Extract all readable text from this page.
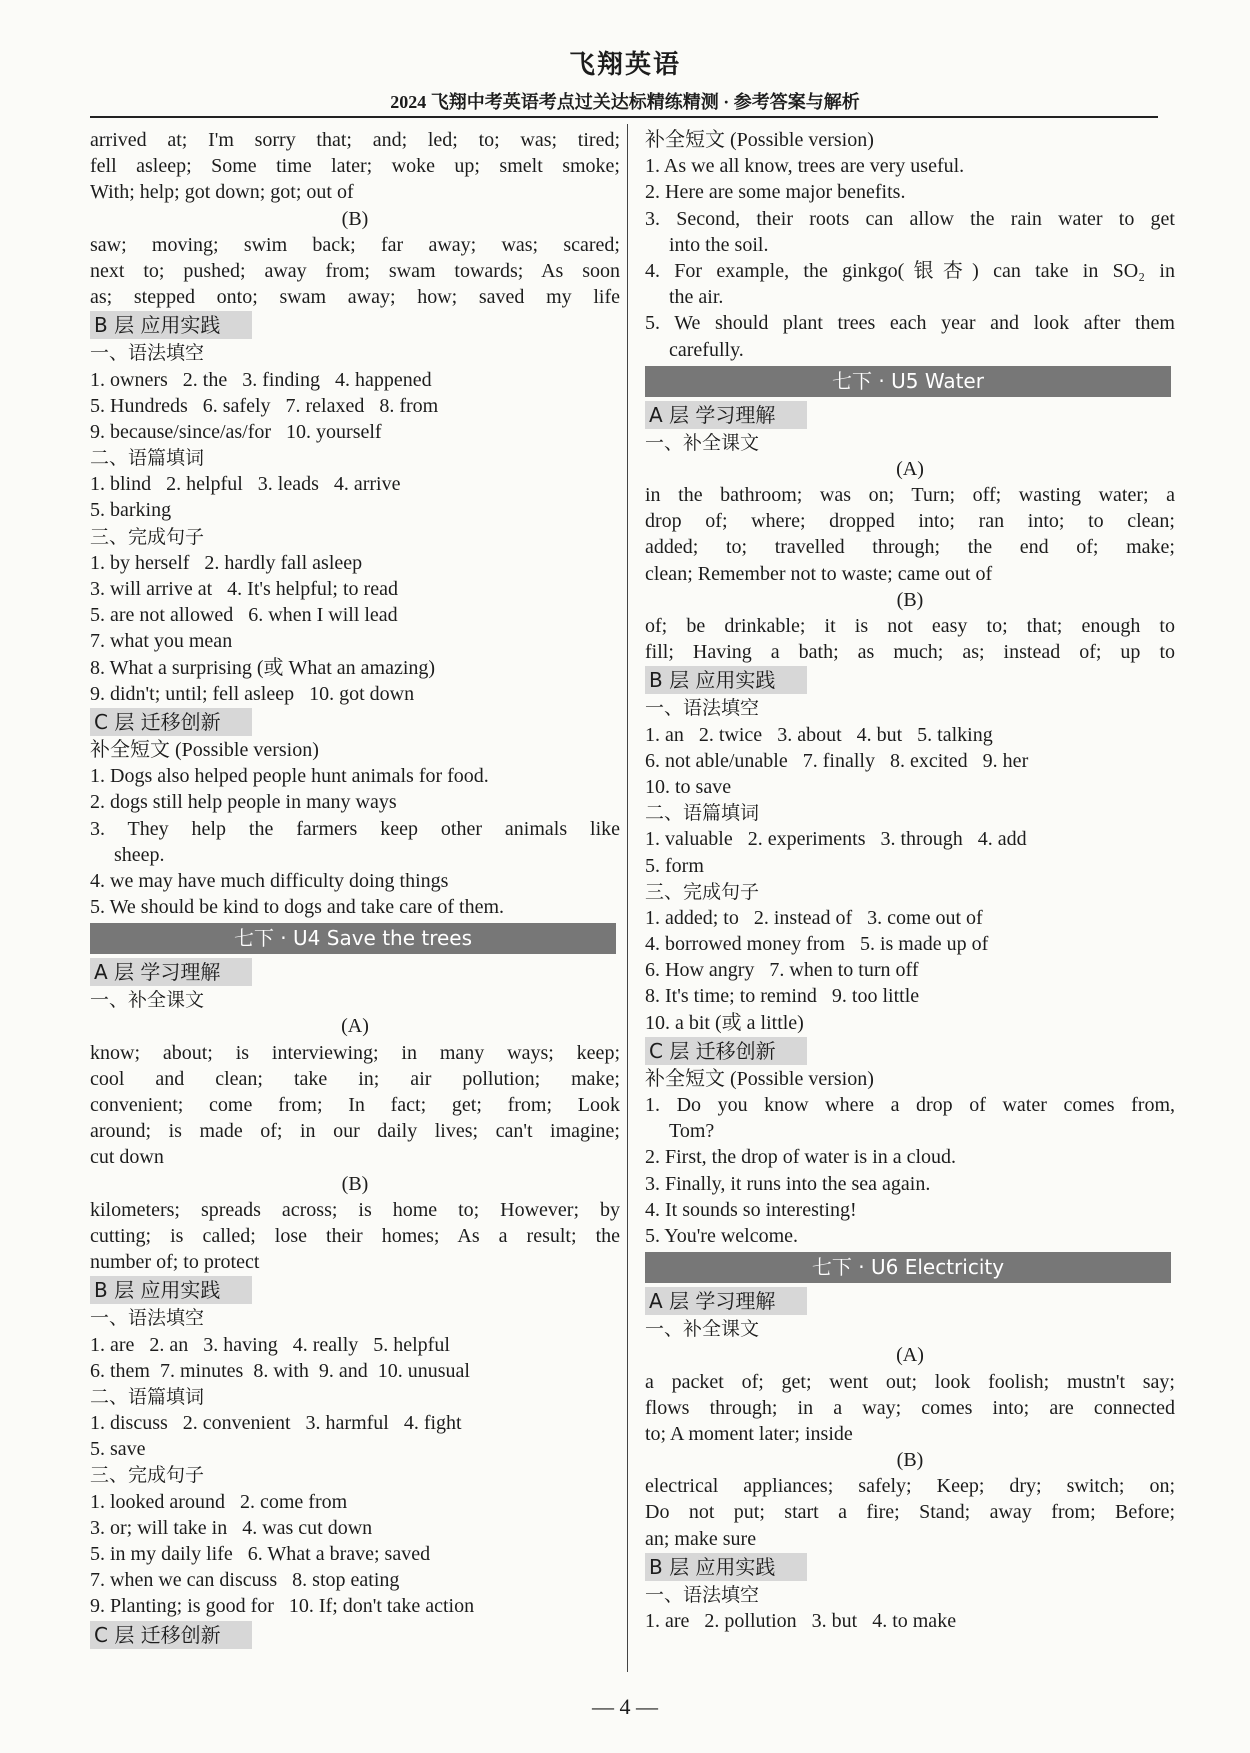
飞翔英语
2024 飞翔中考英语考点过关达标精练精测 · 参考答案与解析
arrived at; I'm sorry that; and; led; to; was; tired;
fell asleep; Some time later; woke up; smelt smoke;
With; help; got down; got; out of
(B)
saw; moving; swim back; far away; was; scared;
next to; pushed; away from; swam towards; As soon
as; stepped onto; swam away; how; saved my life
B 层 应用实践
一、语法填空
1. owners   2. the   3. finding   4. happened
5. Hundreds   6. safely   7. relaxed   8. from
9. because/since/as/for   10. yourself
二、语篇填词
1. blind   2. helpful   3. leads   4. arrive
5. barking
三、完成句子
1. by herself   2. hardly fall asleep
3. will arrive at   4. It's helpful; to read
5. are not allowed   6. when I will lead
7. what you mean
8. What a surprising (或 What an amazing)
9. didn't; until; fell asleep   10. got down
C 层 迁移创新
补全短文 (Possible version)
1. Dogs also helped people hunt animals for food.
2. dogs still help people in many ways
3. They help the farmers keep other animals like
sheep.
4. we may have much difficulty doing things
5. We should be kind to dogs and take care of them.
七下 · U4 Save the trees
A 层 学习理解
一、补全课文
(A)
know; about; is interviewing; in many ways; keep;
cool and clean; take in; air pollution; make;
convenient; come from; In fact; get; from; Look
around; is made of; in our daily lives; can't imagine;
cut down
(B)
kilometers; spreads across; is home to; However; by
cutting; is called; lose their homes; As a result; the
number of; to protect
B 层 应用实践
一、语法填空
1. are   2. an   3. having   4. really   5. helpful
6. them  7. minutes  8. with  9. and  10. unusual
二、语篇填词
1. discuss   2. convenient   3. harmful   4. fight
5. save
三、完成句子
1. looked around   2. come from
3. or; will take in   4. was cut down
5. in my daily life   6. What a brave; saved
7. when we can discuss   8. stop eating
9. Planting; is good for   10. If; don't take action
C 层 迁移创新
补全短文 (Possible version)
1. As we all know, trees are very useful.
2. Here are some major benefits.
3. Second, their roots can allow the rain water to get
into the soil.
4. For example, the ginkgo(银杏) can take in SO₂ in
the air.
5. We should plant trees each year and look after them
carefully.
七下 · U5 Water
A 层 学习理解
一、补全课文
(A)
in the bathroom; was on; Turn; off; wasting water; a
drop of; where; dropped into; ran into; to clean;
added; to; travelled through; the end of; make;
clean; Remember not to waste; came out of
(B)
of; be drinkable; it is not easy to; that; enough to
fill; Having a bath; as much; as; instead of; up to
B 层 应用实践
一、语法填空
1. an   2. twice   3. about   4. but   5. talking
6. not able/unable   7. finally   8. excited   9. her
10. to save
二、语篇填词
1. valuable   2. experiments   3. through   4. add
5. form
三、完成句子
1. added; to   2. instead of   3. come out of
4. borrowed money from   5. is made up of
6. How angry   7. when to turn off
8. It's time; to remind   9. too little
10. a bit (或 a little)
C 层 迁移创新
补全短文 (Possible version)
1. Do you know where a drop of water comes from,
Tom?
2. First, the drop of water is in a cloud.
3. Finally, it runs into the sea again.
4. It sounds so interesting!
5. You're welcome.
七下 · U6 Electricity
A 层 学习理解
一、补全课文
(A)
a packet of; get; went out; look foolish; mustn't say;
flows through; in a way; comes into; are connected
to; A moment later; inside
(B)
electrical appliances; safely; Keep; dry; switch; on;
Do not put; start a fire; Stand; away from; Before;
an; make sure
B 层 应用实践
一、语法填空
1. are   2. pollution   3. but   4. to make
— 4 —
